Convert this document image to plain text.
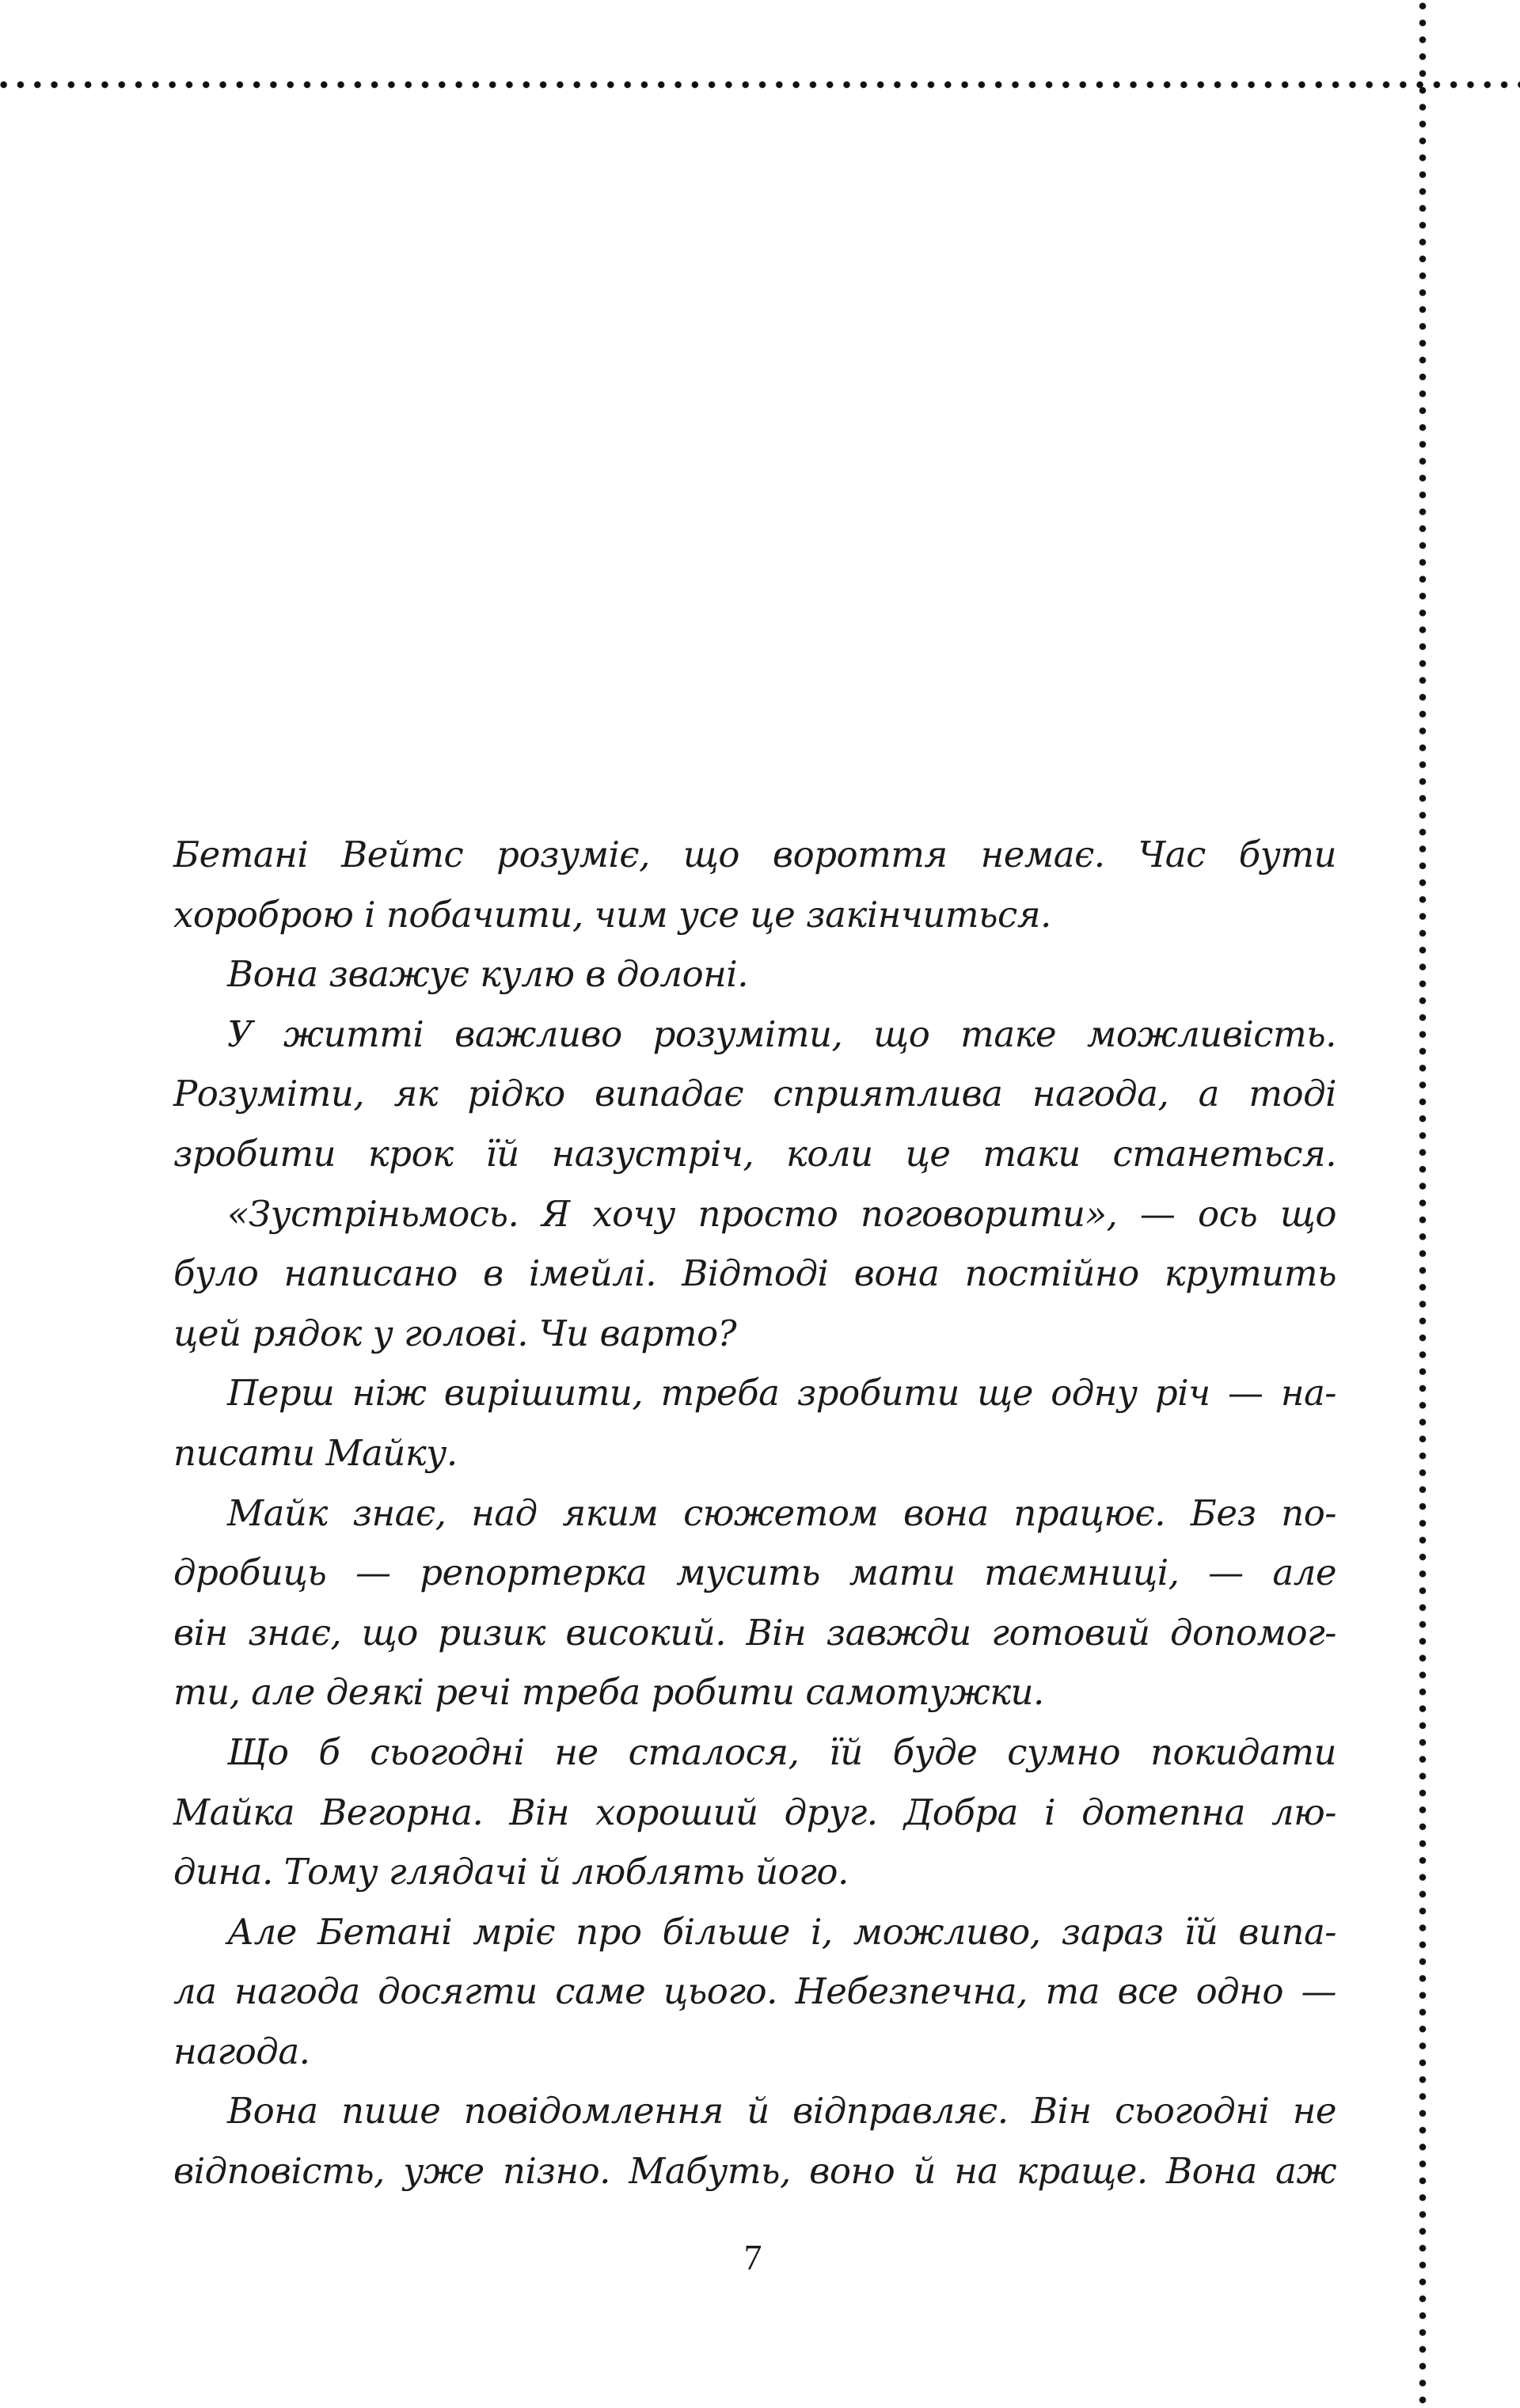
Бетані Вейтс розуміє, що вороття немає. Час бути
хороброю і побачити, чим усе це закінчиться.
Вона зважує кулю в долоні.
У житті важливо розуміти, що таке можливість.
Розуміти, як рідко випадає сприятлива нагода, а тоді
зробити крок їй назустріч, коли це таки станеться.
«Зустріньмось. Я хочу просто поговорити», — ось що
було написано в імейлі. Відтоді вона постійно крутить
цей рядок у голові. Чи варто?
Перш ніж вирішити, треба зробити ще одну річ — на-
писати Майку.
Майк знає, над яким сюжетом вона працює. Без по-
дробиць — репортерка мусить мати таємниці, — але
він знає, що ризик високий. Він завжди готовий допомог-
ти, але деякі речі треба робити самотужки.
Що б сьогодні не сталося, їй буде сумно покидати
Майка Вегорна. Він хороший друг. Добра і дотепна лю-
дина. Тому глядачі й люблять його.
Але Бетані мріє про більше і, можливо, зараз їй випа-
ла нагода досягти саме цього. Небезпечна, та все одно —
нагода.
Вона пише повідомлення й відправляє. Він сьогодні не
відповість, уже пізно. Мабуть, воно й на краще. Вона аж
7
